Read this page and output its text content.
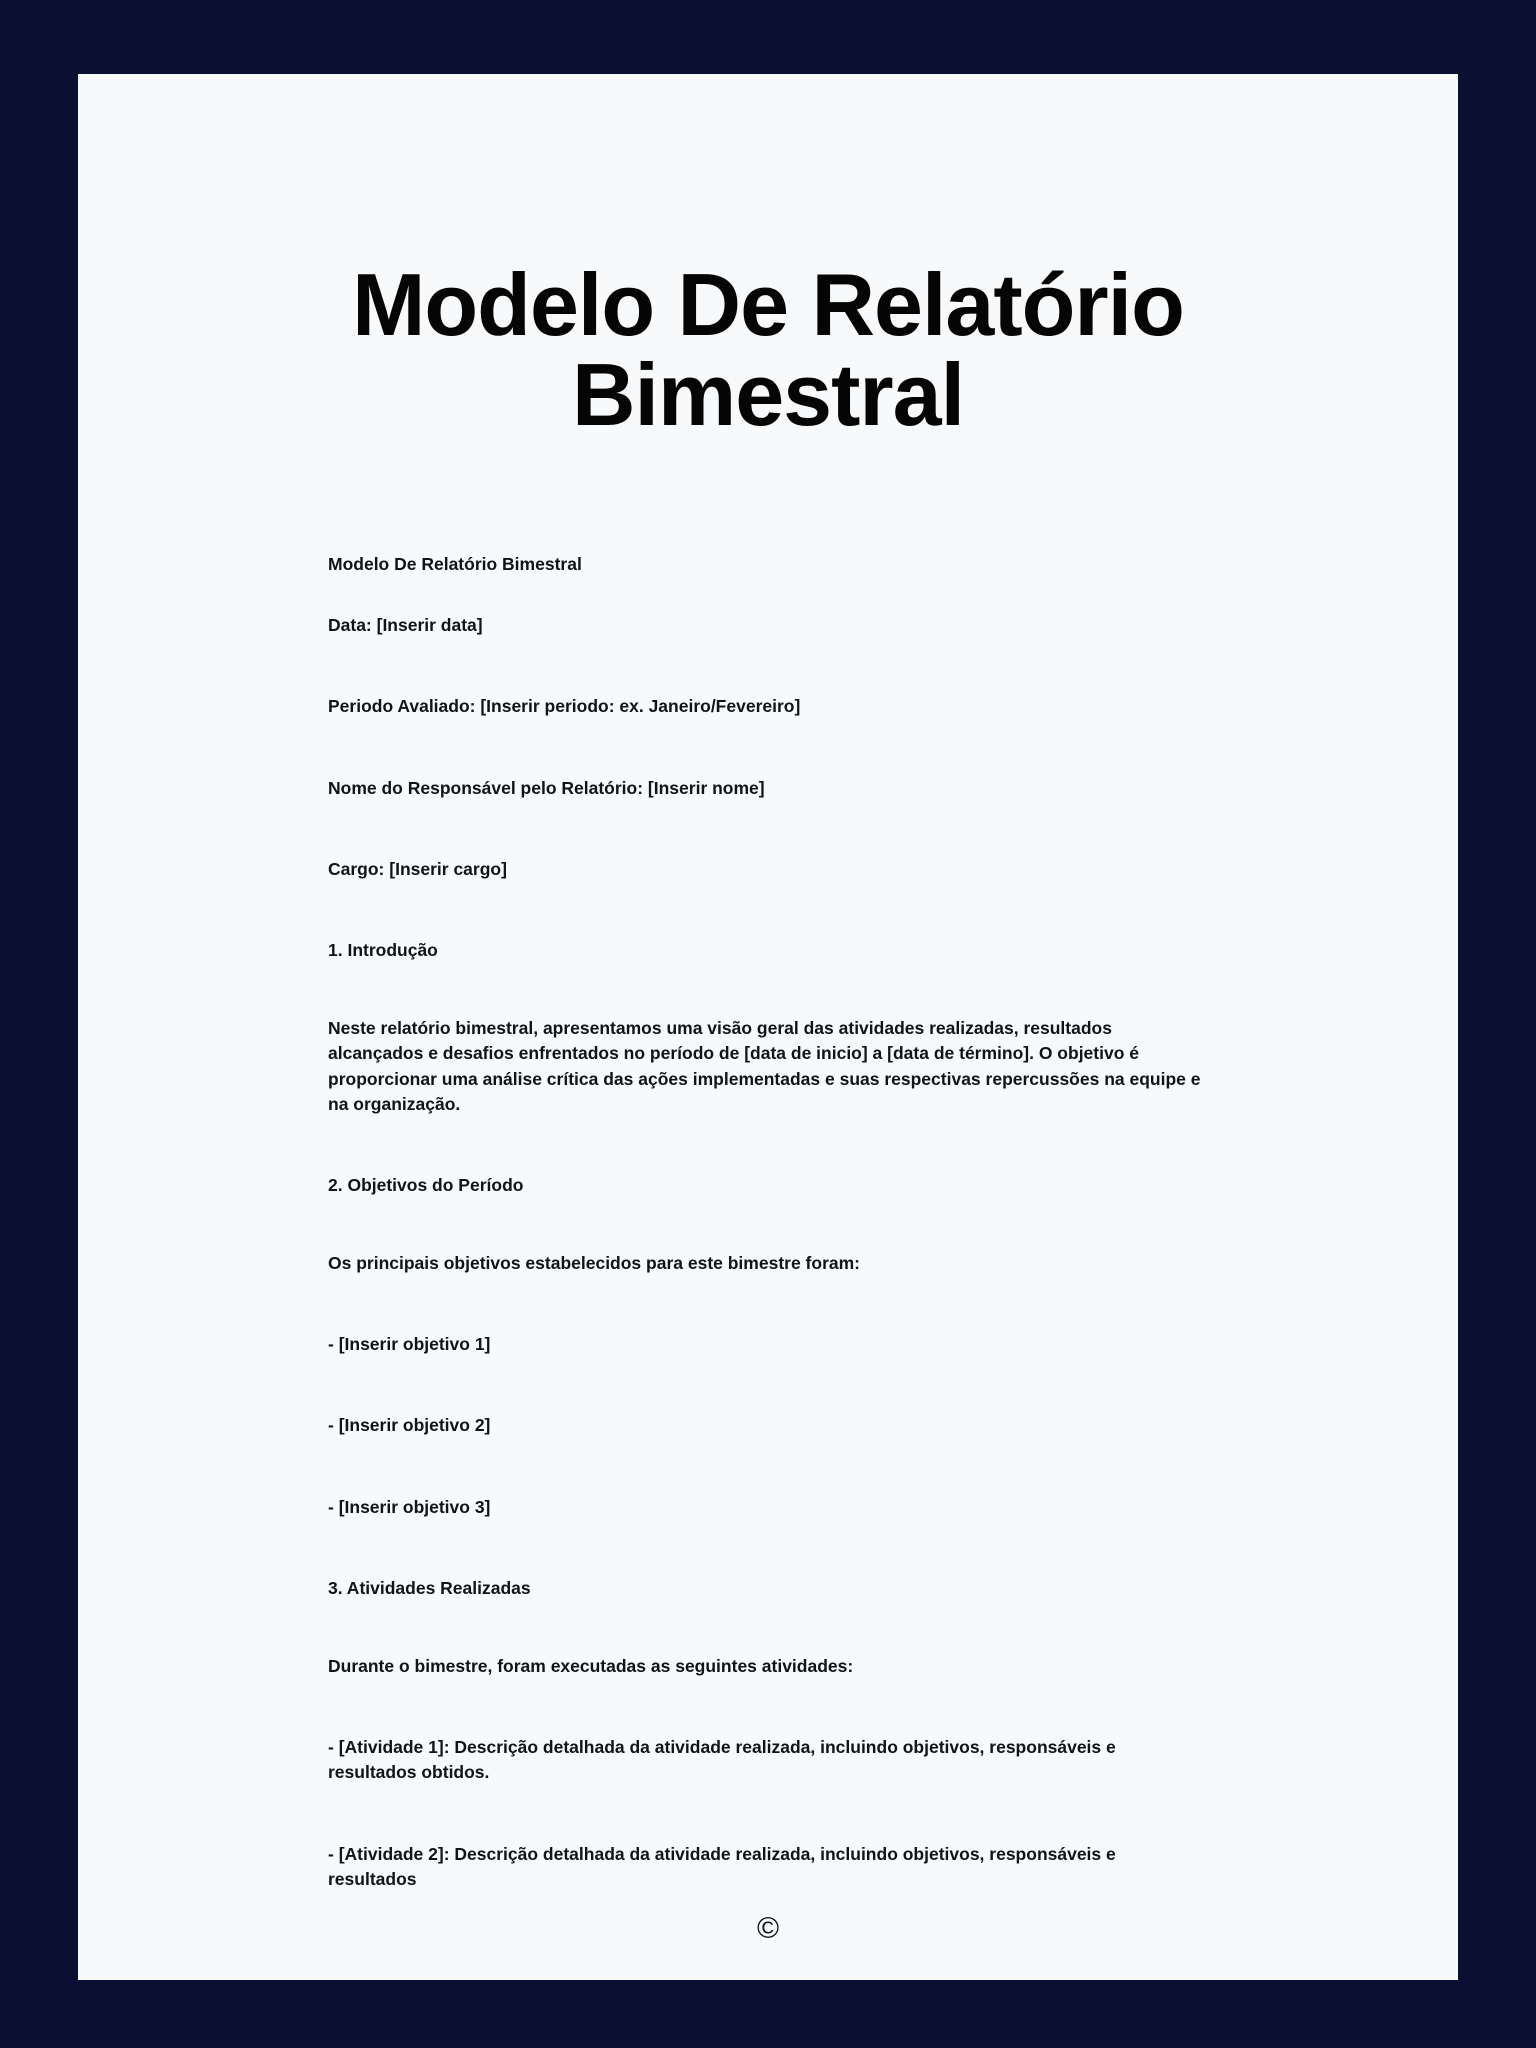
Modelo De Relatório Bimestral

Modelo De Relatório Bimestral

Data: [Inserir data]

Periodo Avaliado: [Inserir periodo: ex. Janeiro/Fevereiro]

Nome do Responsável pelo Relatório: [Inserir nome]

Cargo: [Inserir cargo]

1. Introdução

Neste relatório bimestral, apresentamos uma visão geral das atividades realizadas, resultados alcançados e desafios enfrentados no período de [data de inicio] a [data de término]. O objetivo é proporcionar uma análise crítica das ações implementadas e suas respectivas repercussões na equipe e na organização.

2. Objetivos do Período

Os principais objetivos estabelecidos para este bimestre foram:

- [Inserir objetivo 1]

- [Inserir objetivo 2]

- [Inserir objetivo 3]

3. Atividades Realizadas

Durante o bimestre, foram executadas as seguintes atividades:

- [Atividade 1]: Descrição detalhada da atividade realizada, incluindo objetivos, responsáveis e resultados obtidos.

- [Atividade 2]: Descrição detalhada da atividade realizada, incluindo objetivos, responsáveis e resultados

©
